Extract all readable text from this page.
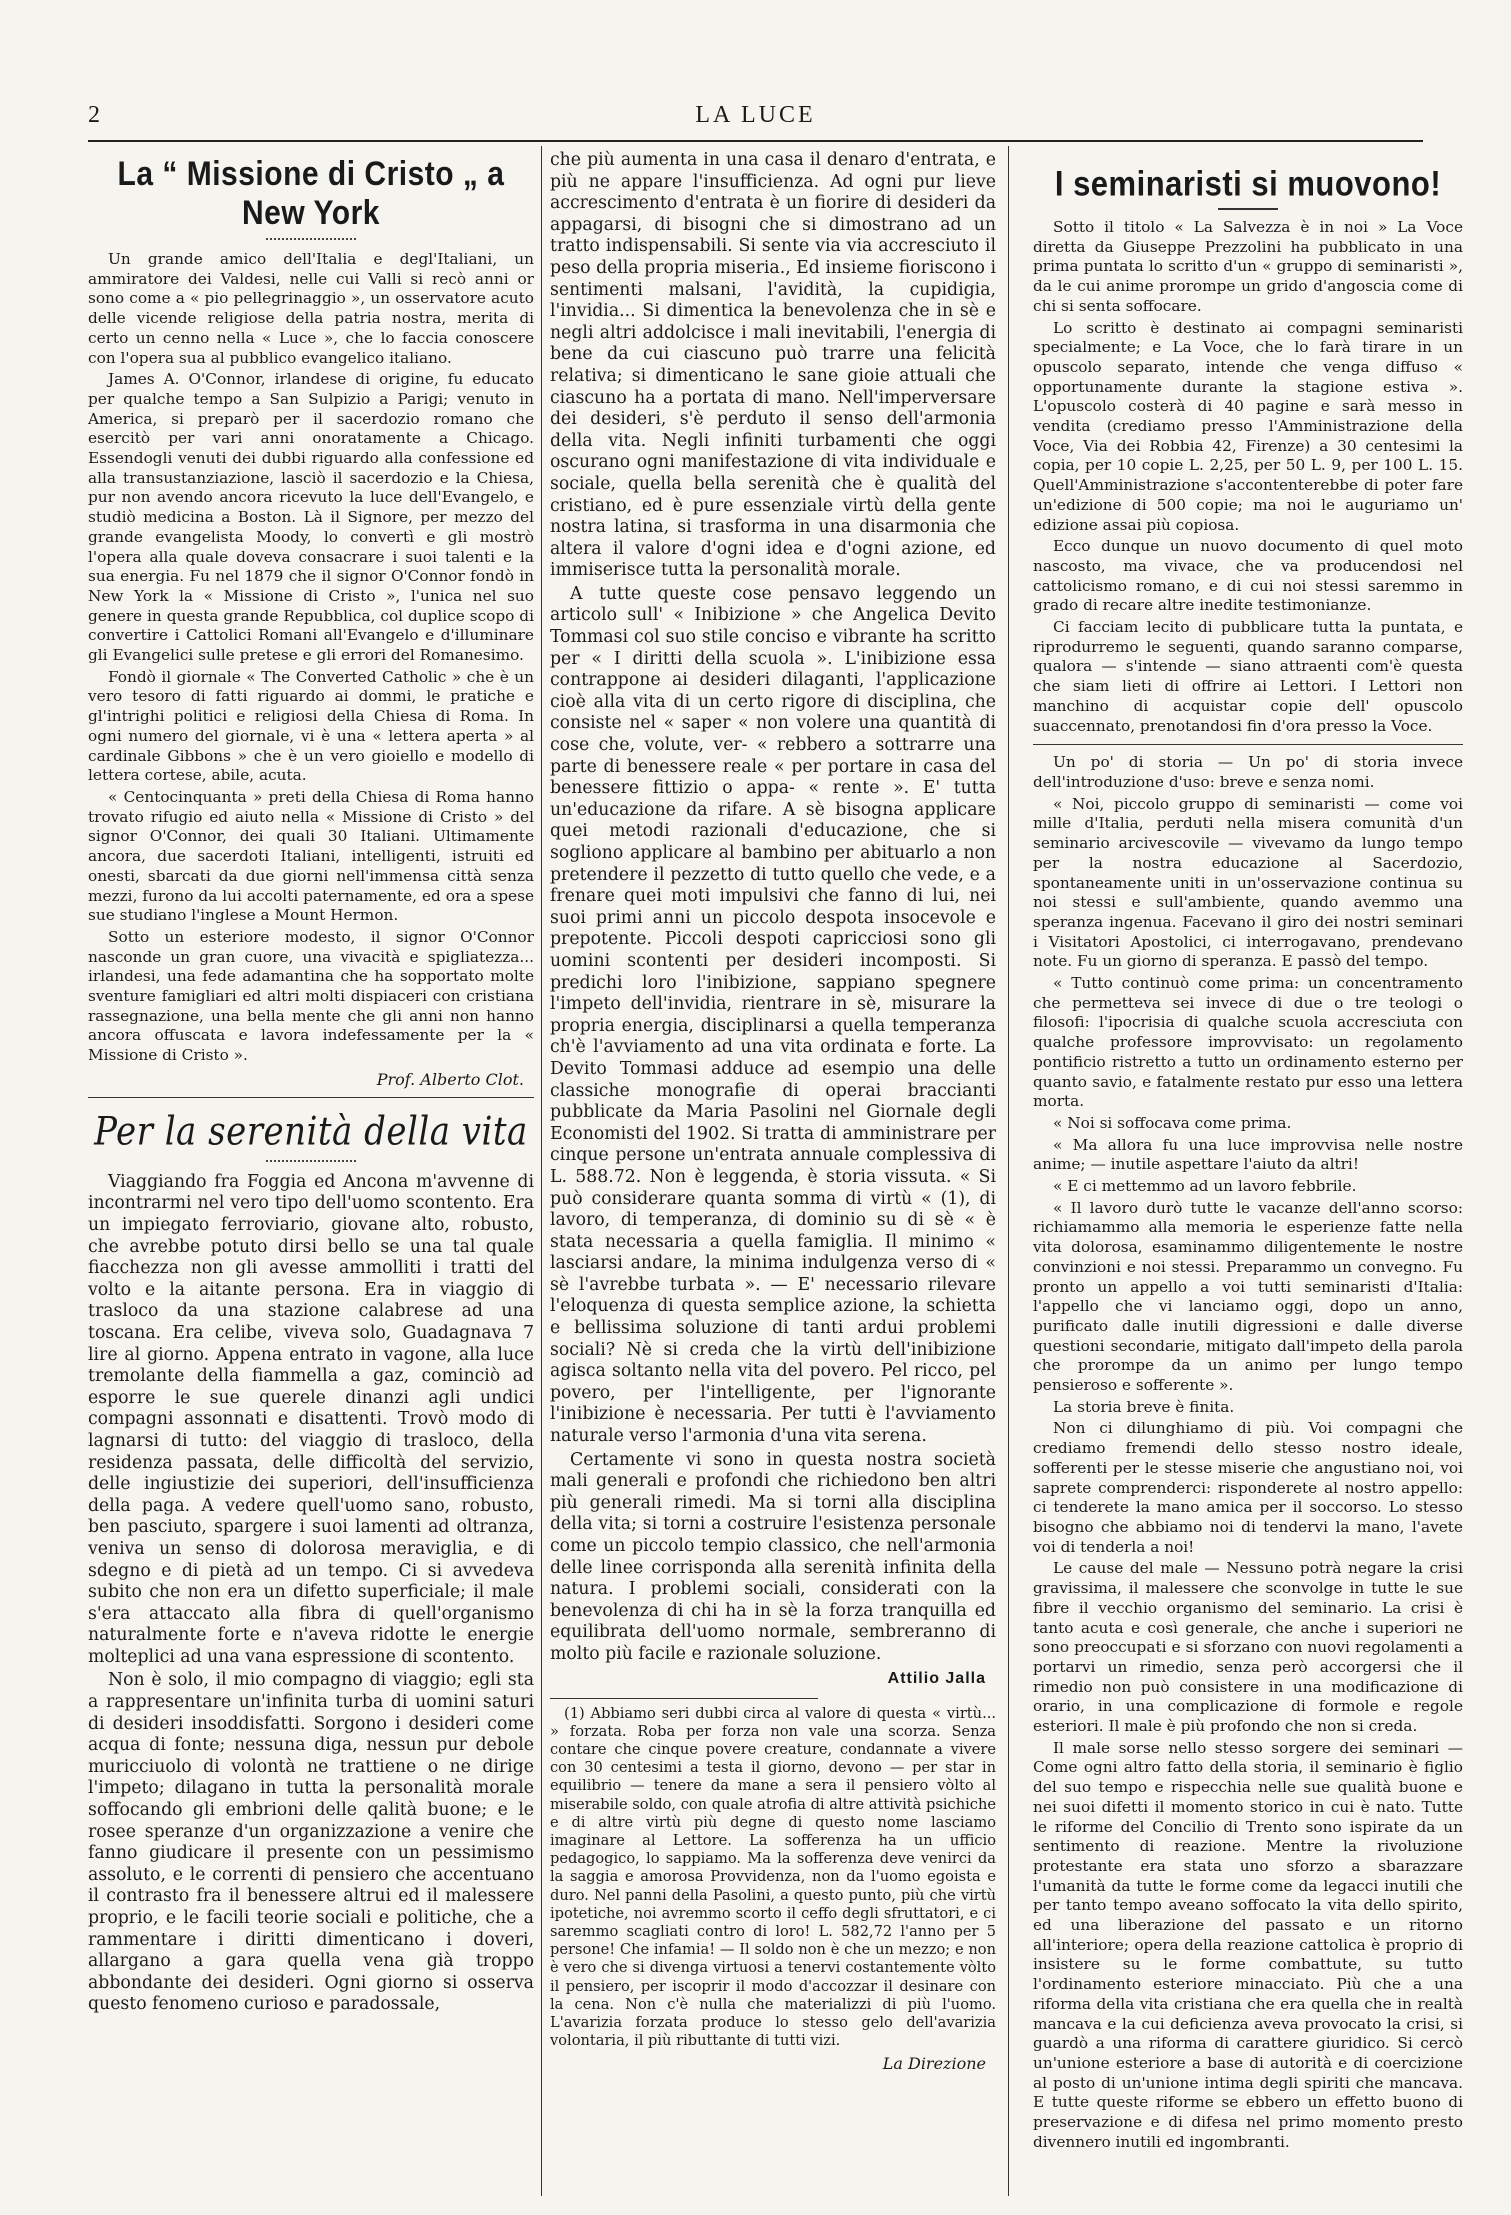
2	LA LUCE
La “ Missione di Cristo „ a New York

Un grande amico dell'Italia e degl'Italiani, un ammiratore dei Valdesi, nelle cui Valli si recò anni or sono come a « pio pellegrinaggio », un osservatore acuto delle vicende religiose della patria nostra, merita di certo un cenno nella « Luce », che lo faccia conoscere con l'opera sua al pubblico evangelico italiano.

James A. O'Connor, irlandese di origine, fu educato per qualche tempo a San Sulpizio a Parigi; venuto in America, si preparò per il sacerdozio romano che esercitò per vari anni onoratamente a Chicago. Essendogli venuti dei dubbi riguardo alla confessione ed alla transustanziazione, lasciò il sacerdozio e la Chiesa, pur non avendo ancora ricevuto la luce dell'Evangelo, e studiò medicina a Boston. Là il Signore, per mezzo del grande evangelista Moody, lo convertì e gli mostrò l'opera alla quale doveva consacrare i suoi talenti e la sua energia. Fu nel 1879 che il signor O'Connor fondò in New York la « Missione di Cristo », l'unica nel suo genere in questa grande Repubblica, col duplice scopo di convertire i Cattolici Romani all'Evangelo e d'illuminare gli Evangelici sulle pretese e gli errori del Romanesimo.

Fondò il giornale « The Converted Catholic » che è un vero tesoro di fatti riguardo ai dommi, le pratiche e gl'intrighi politici e religiosi della Chiesa di Roma. In ogni numero del giornale, vi è una « lettera aperta » al cardinale Gibbons » che è un vero gioiello e modello di lettera cortese, abile, acuta.

« Centocinquanta » preti della Chiesa di Roma hanno trovato rifugio ed aiuto nella « Missione di Cristo » del signor O'Connor, dei quali 30 Italiani. Ultimamente ancora, due sacerdoti Italiani, intelligenti, istruiti ed onesti, sbarcati da due giorni nell'immensa città senza mezzi, furono da lui accolti paternamente, ed ora a spese sue studiano l'inglese a Mount Hermon.

Sotto un esteriore modesto, il signor O'Connor nasconde un gran cuore, una vivacità e spigliatezza... irlandesi, una fede adamantina che ha sopportato molte sventure famigliari ed altri molti dispiaceri con cristiana rassegnazione, una bella mente che gli anni non hanno ancora offuscata e lavora indefessamente per la « Missione di Cristo ».

Prof. Alberto Clot.

Per la serenità della vita

Viaggiando fra Foggia ed Ancona m'avvenne di incontrarmi nel vero tipo dell'uomo scontento. Era un impiegato ferroviario, giovane alto, robusto, che avrebbe potuto dirsi bello se una tal quale fiacchezza non gli avesse ammolliti i tratti del volto e la aitante persona. Era in viaggio di trasloco da una stazione calabrese ad una toscana. Era celibe, viveva solo, Guadagnava 7 lire al giorno. Appena entrato in vagone, alla luce tremolante della fiammella a gaz, cominciò ad esporre le sue querele dinanzi agli undici compagni assonnati e disattenti. Trovò modo di lagnarsi di tutto: del viaggio di trasloco, della residenza passata, delle difficoltà del servizio, delle ingiustizie dei superiori, dell'insufficienza della paga. A vedere quell'uomo sano, robusto, ben pasciuto, spargere i suoi lamenti ad oltranza, veniva un senso di dolorosa meraviglia, e di sdegno e di pietà ad un tempo. Ci si avvedeva subito che non era un difetto superficiale; il male s'era attaccato alla fibra di quell'organismo naturalmente forte e n'aveva ridotte le energie molteplici ad una vana espressione di scontento.

Non è solo, il mio compagno di viaggio; egli sta a rappresentare un'infinita turba di uomini saturi di desideri insoddisfatti. Sorgono i desideri come acqua di fonte; nessuna diga, nessun pur debole muricciuolo di volontà ne trattiene o ne dirige l'impeto; dilagano in tutta la personalità morale soffocando gli embrioni delle qalità buone; e le rosee speranze d'un organizzazione a venire che fanno giudicare il presente con un pessimismo assoluto, e le correnti di pensiero che accentuano il contrasto fra il benessere altrui ed il malessere proprio, e le facili teorie sociali e politiche, che a rammentare i diritti dimenticano i doveri, allargano a gara quella vena già troppo abbondante dei desideri. Ogni giorno si osserva questo fenomeno curioso e paradossale,

che più aumenta in una casa il denaro d'entrata, e più ne appare l'insufficienza. Ad ogni pur lieve accrescimento d'entrata è un fiorire di desideri da appagarsi, di bisogni che si dimostrano ad un tratto indispensabili. Si sente via via accresciuto il peso della propria miseria., Ed insieme fioriscono i sentimenti malsani, l'avidità, la cupidigia, l'invidia... Si dimentica la benevolenza che in sè e negli altri addolcisce i mali inevitabili, l'energia di bene da cui ciascuno può trarre una felicità relativa; si dimenticano le sane gioie attuali che ciascuno ha a portata di mano. Nell'imperversare dei desideri, s'è perduto il senso dell'armonia della vita. Negli infiniti turbamenti che oggi oscurano ogni manifestazione di vita individuale e sociale, quella bella serenità che è qualità del cristiano, ed è pure essenziale virtù della gente nostra latina, si trasforma in una disarmonia che altera il valore d'ogni idea e d'ogni azione, ed immiserisce tutta la personalità morale.

A tutte queste cose pensavo leggendo un articolo sull' « Inibizione » che Angelica Devito Tommasi col suo stile conciso e vibrante ha scritto per « I diritti della scuola ». L'inibizione essa contrappone ai desideri dilaganti, l'applicazione cioè alla vita di un certo rigore di disciplina, che consiste nel « saper « non volere una quantità di cose che, volute, ver- « rebbero a sottrarre una parte di benessere reale « per portare in casa del benessere fittizio o appa- « rente ». E' tutta un'educazione da rifare. A sè bisogna applicare quei metodi razionali d'educazione, che si sogliono applicare al bambino per abituarlo a non pretendere il pezzetto di tutto quello che vede, e a frenare quei moti impulsivi che fanno di lui, nei suoi primi anni un piccolo despota insocevole e prepotente. Piccoli despoti capricciosi sono gli uomini scontenti per desideri incomposti. Si predichi loro l'inibizione, sappiano spegnere l'impeto dell'invidia, rientrare in sè, misurare la propria energia, disciplinarsi a quella temperanza ch'è l'avviamento ad una vita ordinata e forte. La Devito Tommasi adduce ad esempio una delle classiche monografie di operai braccianti pubblicate da Maria Pasolini nel Giornale degli Economisti del 1902. Si tratta di amministrare per cinque persone un'entrata annuale complessiva di L. 588.72. Non è leggenda, è storia vissuta. « Si può considerare quanta somma di virtù « (1), di lavoro, di temperanza, di dominio su di sè « è stata necessaria a quella famiglia. Il minimo « lasciarsi andare, la minima indulgenza verso di « sè l'avrebbe turbata ». — E' necessario rilevare l'eloquenza di questa semplice azione, la schietta e bellissima soluzione di tanti ardui problemi sociali? Nè si creda che la virtù dell'inibizione agisca soltanto nella vita del povero. Pel ricco, pel povero, per l'intelligente, per l'ignorante l'inibizione è necessaria. Per tutti è l'avviamento naturale verso l'armonia d'una vita serena.

Certamente vi sono in questa nostra società mali generali e profondi che richiedono ben altri più generali rimedi. Ma si torni alla disciplina della vita; si torni a costruire l'esistenza personale come un piccolo tempio classico, che nell'armonia delle linee corrisponda alla serenità infinita della natura. I problemi sociali, considerati con la benevolenza di chi ha in sè la forza tranquilla ed equilibrata dell'uomo normale, sembreranno di molto più facile e razionale soluzione.

Attilio Jalla

(1) Abbiamo seri dubbi circa al valore di questa « virtù... » forzata. Roba per forza non vale una scorza. Senza contare che cinque povere creature, condannate a vivere con 30 centesimi a testa il giorno, devono — per star in equilibrio — tenere da mane a sera il pensiero vòlto al miserabile soldo, con quale atrofia di altre attività psichiche e di altre virtù più degne di questo nome lasciamo imaginare al Lettore. La sofferenza ha un ufficio pedagogico, lo sappiamo. Ma la sofferenza deve venirci da la saggia e amorosa Provvidenza, non da l'uomo egoista e duro. Nel panni della Pasolini, a questo punto, più che virtù ipotetiche, noi avremmo scorto il ceffo degli sfruttatori, e ci saremmo scagliati contro di loro! L. 582,72 l'anno per 5 persone! Che infamia! — Il soldo non è che un mezzo; e non è vero che si divenga virtuosi a tenervi costantemente vòlto il pensiero, per iscoprir il modo d'accozzar il desinare con la cena. Non c'è nulla che materializzi di più l'uomo. L'avarizia forzata produce lo stesso gelo dell'avarizia volontaria, il più ributtante di tutti vizi.

La Direzione

I seminaristi si muovono!

Sotto il titolo « La Salvezza è in noi » La Voce diretta da Giuseppe Prezzolini ha pubblicato in una prima puntata lo scritto d'un « gruppo di seminaristi », da le cui anime prorompe un grido d'angoscia come di chi si senta soffocare.

Lo scritto è destinato ai compagni seminaristi specialmente; e La Voce, che lo farà tirare in un opuscolo separato, intende che venga diffuso « opportunamente durante la stagione estiva ». L'opuscolo costerà di 40 pagine e sarà messo in vendita (crediamo presso l'Amministrazione della Voce, Via dei Robbia 42, Firenze) a 30 centesimi la copia, per 10 copie L. 2,25, per 50 L. 9, per 100 L. 15. Quell'Amministrazione s'accontenterebbe di poter fare un'edizione di 500 copie; ma noi le auguriamo un' edizione assai più copiosa.

Ecco dunque un nuovo documento di quel moto nascosto, ma vivace, che va producendosi nel cattolicismo romano, e di cui noi stessi saremmo in grado di recare altre inedite testimonianze.

Ci facciam lecito di pubblicare tutta la puntata, e riprodurremo le seguenti, quando saranno comparse, qualora — s'intende — siano attraenti com'è questa che siam lieti di offrire ai Lettori. I Lettori non manchino di acquistar copie dell' opuscolo suaccennato, prenotandosi fin d'ora presso la Voce.

Un po' di storia — Un po' di storia invece dell'introduzione d'uso: breve e senza nomi.

« Noi, piccolo gruppo di seminaristi — come voi mille d'Italia, perduti nella misera comunità d'un seminario arcivescovile — vivevamo da lungo tempo per la nostra educazione al Sacerdozio, spontaneamente uniti in un'osservazione continua su noi stessi e sull'ambiente, quando avemmo una speranza ingenua. Facevano il giro dei nostri seminari i Visitatori Apostolici, ci interrogavano, prendevano note. Fu un giorno di speranza. E passò del tempo.

« Tutto continuò come prima: un concentramento che permetteva sei invece di due o tre teologi o filosofi: l'ipocrisia di qualche scuola accresciuta con qualche professore improvvisato: un regolamento pontificio ristretto a tutto un ordinamento esterno per quanto savio, e fatalmente restato pur esso una lettera morta.

« Noi si soffocava come prima.

« Ma allora fu una luce improvvisa nelle nostre anime; — inutile aspettare l'aiuto da altri!

« E ci mettemmo ad un lavoro febbrile.

« Il lavoro durò tutte le vacanze dell'anno scorso: richiamammo alla memoria le esperienze fatte nella vita dolorosa, esaminammo diligentemente le nostre convinzioni e noi stessi. Preparammo un convegno. Fu pronto un appello a voi tutti seminaristi d'Italia: l'appello che vi lanciamo oggi, dopo un anno, purificato dalle inutili digressioni e dalle diverse questioni secondarie, mitigato dall'impeto della parola che prorompe da un animo per lungo tempo pensieroso e sofferente ».

La storia breve è finita.

Non ci dilunghiamo di più. Voi compagni che crediamo fremendi dello stesso nostro ideale, sofferenti per le stesse miserie che angustiano noi, voi saprete comprenderci: risponderete al nostro appello: ci tenderete la mano amica per il soccorso. Lo stesso bisogno che abbiamo noi di tendervi la mano, l'avete voi di tenderla a noi!

Le cause del male — Nessuno potrà negare la crisi gravissima, il malessere che sconvolge in tutte le sue fibre il vecchio organismo del seminario. La crisi è tanto acuta e così generale, che anche i superiori ne sono preoccupati e si sforzano con nuovi regolamenti a portarvi un rimedio, senza però accorgersi che il rimedio non può consistere in una modificazione di orario, in una complicazione di formole e regole esteriori. Il male è più profondo che non si creda.

Il male sorse nello stesso sorgere dei seminari — Come ogni altro fatto della storia, il seminario è figlio del suo tempo e rispecchia nelle sue qualità buone e nei suoi difetti il momento storico in cui è nato. Tutte le riforme del Concilio di Trento sono ispirate da un sentimento di reazione. Mentre la rivoluzione protestante era stata uno sforzo a sbarazzare l'umanità da tutte le forme come da legacci inutili che per tanto tempo aveano soffocato la vita dello spirito, ed una liberazione del passato e un ritorno all'interiore; opera della reazione cattolica è proprio di insistere su le forme combattute, su tutto l'ordinamento esteriore minacciato. Più che a una riforma della vita cristiana che era quella che in realtà mancava e la cui deficienza aveva provocato la crisi, si guardò a una riforma di carattere giuridico. Si cercò un'unione esteriore a base di autorità e di coercizione al posto di un'unione intima degli spiriti che mancava. E tutte queste riforme se ebbero un effetto buono di preservazione e di difesa nel primo momento presto divennero inutili ed ingombranti.
